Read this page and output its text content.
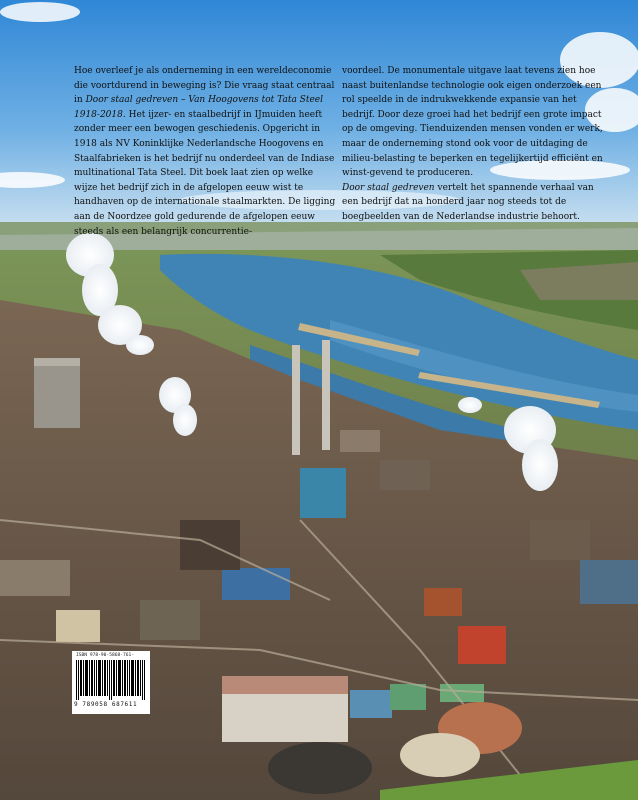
Hoe overleef je als onderneming in een wereldeconomie die voortdurend in beweging is? Die vraag staat centraal in Door staal gedreven – Van Hoogovens tot Tata Steel 1918-2018. Het ijzer- en staalbedrijf in IJmuiden heeft zonder meer een bewogen geschiedenis. Opgericht in 1918 als NV Koninklijke Nederlandsche Hoogovens en Staalfabrieken is het bedrijf nu onderdeel van de Indiase multinational Tata Steel. Dit boek laat zien op welke wijze het bedrijf zich in de afgelopen eeuw wist te handhaven op de internationale staalmarkten. De ligging aan de Noordzee gold gedurende de afgelopen eeuw steeds als een belangrijk concurrentie-

voordeel. De monumentale uitgave laat tevens zien hoe naast buitenlandse technologie ook eigen onderzoek een rol speelde in de indrukwekkende expansie van het bedrijf. Door deze groei had het bedrijf een grote impact op de omgeving. Tienduizenden mensen vonden er werk, maar de onderneming stond ook voor de uitdaging de milieu-belasting te beperken en tegelijkertijd efficiënt en winst-gevend te produceren.

Door staal gedreven vertelt het spannende verhaal van een bedrijf dat na honderd jaar nog steeds tot de boegbeelden van de Nederlandse industrie behoort.

ISBN 978-90-5868-761-
9 789058 687611
